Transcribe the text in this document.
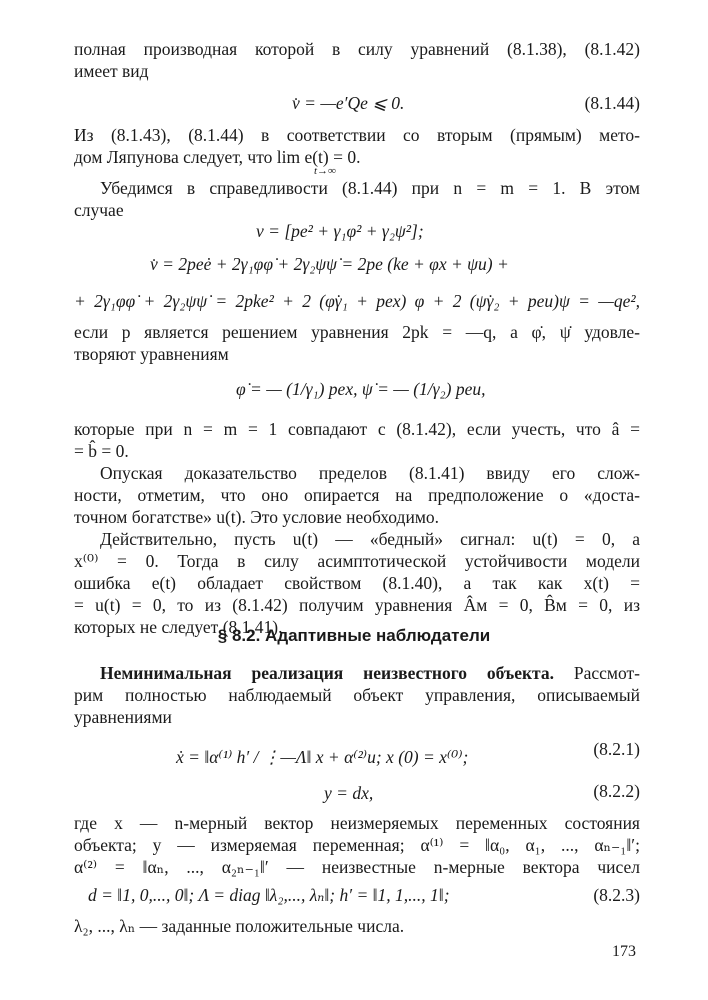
полная производная которой в силу уравнений (8.1.38), (8.1.42)
имеет вид
v̇ = —e′Qe ⩽ 0.	(8.1.44)
Из (8.1.43), (8.1.44) в соответствии со вторым (прямым) мето-
дом Ляпунова следует, что lim e(t) = 0.
t→∞
Убедимся в справедливости (8.1.44) при n = m = 1. В этом
случае
v = [pe² + γ₁φ² + γ₂ψ²];
v̇ = 2peė + 2γ₁φφ̇ + 2γ₂ψψ̇ = 2pe (ke + φx + ψu) +
+ 2γ₁φφ̇ + 2γ₂ψψ̇ = 2pke² + 2 (φ̇γ₁ + pex) φ + 2 (ψ̇γ₂ + peu)ψ = —qe²,
если p является решением уравнения 2pk = —q, а φ̇, ψ̇ удовле-
творяют уравнениям
φ̇ = — (1/γ₁) pex, ψ̇ = — (1/γ₂) peu,
которые при n = m = 1 совпадают с (8.1.42), если учесть, что â =
= b̂ = 0.
Опуская доказательство пределов (8.1.41) ввиду его слож-
ности, отметим, что оно опирается на предположение о «доста-
точном богатстве» u(t). Это условие необходимо.
Действительно, пусть u(t) — «бедный» сигнал: u(t) = 0, а
x⁽⁰⁾ = 0. Тогда в силу асимптотической устойчивости модели
ошибка e(t) обладает свойством (8.1.40), а так как x(t) =
= u(t) = 0, то из (8.1.42) получим уравнения Âм = 0, B̂м = 0, из
которых не следует (8.1.41).
§ 8.2. Адаптивные наблюдатели
Неминимальная реализация неизвестного объекта. Рассмот-
рим полностью наблюдаемый объект управления, описываемый
уравнениями
ẋ = ‖α⁽¹⁾ h′ / ⋮—Λ‖ x + α⁽²⁾u; x (0) = x⁽⁰⁾;	(8.2.1)
y = dx,	(8.2.2)
где x — n-мерный вектор неизмеряемых переменных состояния
объекта; y — измеряемая переменная; α⁽¹⁾ = ‖α₀, α₁, ..., αₙ₋₁‖′;
α⁽²⁾ = ‖αₙ, ..., α₂ₙ₋₁‖′ — неизвестные n-мерные вектора чисел
d = ‖1, 0,..., 0‖; Λ = diag ‖λ₂,..., λₙ‖; h′ = ‖1, 1,..., 1‖;	(8.2.3)
λ₂, ..., λₙ — заданные положительные числа.
173
